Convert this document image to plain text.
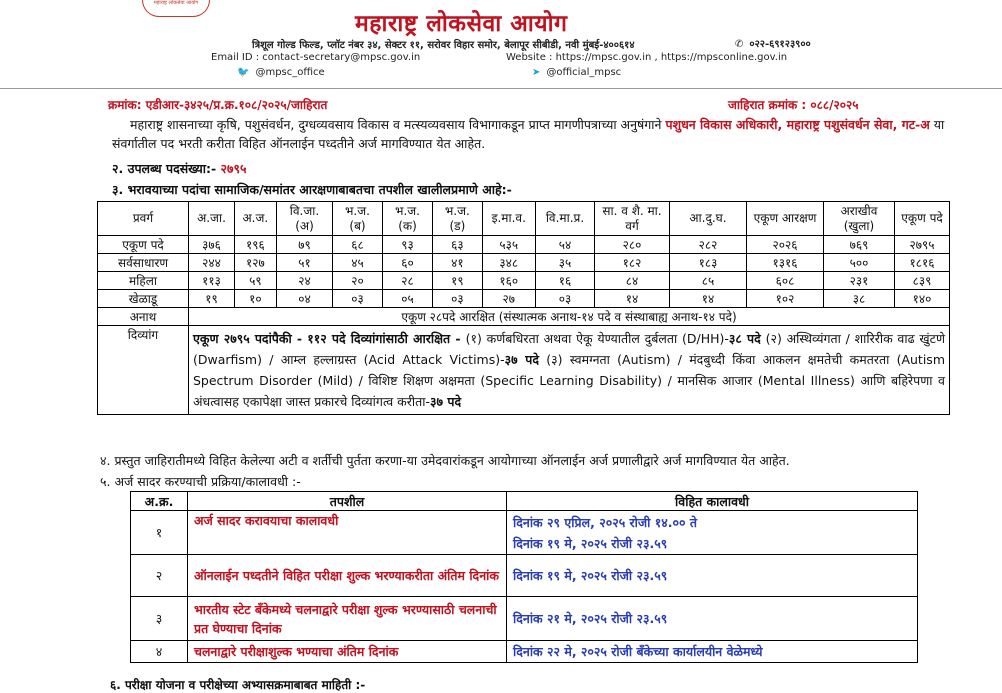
महाराष्ट्र लोकसेवा आयोग
महाराष्ट्र लोकसेवा आयोग
त्रिशूल गोल्ड फिल्ड, प्लॉट नंबर ३४, सेक्टर ११, सरोवर विहार समोर, बेलापूर सीबीडी, नवी मुंबई-४००६१४	✆ ०२२-६९१२३९००
Email ID : contact-secretary@mpsc.gov.in	Website : https://mpsc.gov.in , https://mpsconline.gov.in
🐦 @mpsc_office	➤ @official_mpsc
क्रमांक: एडीआर-३४२५/प्र.क्र.१०८/२०२५/जाहिरात	जाहिरात क्रमांक : ०८८/२०२५
महाराष्ट्र शासनाच्या कृषि, पशुसंवर्धन, दुग्धव्यवसाय विकास व मत्स्यव्यवसाय विभागाकडून प्राप्त मागणीपत्राच्या अनुषंगाने पशुधन विकास अधिकारी, महाराष्ट्र पशुसंवर्धन सेवा, गट-अ या संवर्गातील पद भरती करीता विहित ऑनलाईन पध्दतीने अर्ज मागविण्यात येत आहेत.
२. उपलब्ध पदसंख्या:- २७९५
३. भरावयाच्या पदांचा सामाजिक/समांतर आरक्षणाबाबतचा तपशील खालीलप्रमाणे आहे:-
प्रवर्ग	अ.जा.	अ.ज.	वि.जा. (अ)	भ.ज. (ब)	भ.ज. (क)	भ.ज. (ड)	इ.मा.व.	वि.मा.प्र.	सा. व शै. मा. वर्ग	आ.दु.घ.	एकूण आरक्षण	अराखीव (खुला)	एकूण पदे
एकूण पदे	३७६	१९६	७९	६८	९३	६३	५३५	५४	२८०	२८२	२०२६	७६९	२७९५
सर्वसाधारण	२४४	१२७	५१	४५	६०	४१	३४८	३५	१८२	१८३	१३१६	५००	१८१६
महिला	११३	५९	२४	२०	२८	१९	१६०	१६	८४	८५	६०८	२३१	८३९
खेळाडू	१९	१०	०४	०३	०५	०३	२७	०३	१४	१४	१०२	३८	१४०
अनाथ	एकूण २८पदे आरक्षित (संस्थात्मक अनाथ-१४ पदे व संस्थाबाह्य अनाथ-१४ पदे)												
दिव्यांग	एकूण २७९५ पदांपैकी - ११२ पदे दिव्यांगांसाठी आरक्षित - (१) कर्णबधिरता अथवा ऐकू येण्यातील दुर्बलता (D/HH)-३८ पदे (२) अस्थिव्यंगता / शारिरीक वाढ खुंटणे (Dwarfism) / आम्ल हल्लाग्रस्त (Acid Attack Victims)-३७ पदे (३) स्वमग्नता (Autism) / मंदबुध्दी किंवा आकलन क्षमतेची कमतरता (Autism Spectrum Disorder (Mild) / विशिष्ट शिक्षण अक्षमता (Specific Learning Disability) / मानसिक आजार (Mental Illness) आणि बहिरेपणा व अंधत्वासह एकापेक्षा जास्त प्रकारचे दिव्यांगत्व करीता-३७ पदे												
४. प्रस्तुत जाहिरातीमध्ये विहित केलेल्या अटी व शर्तीची पुर्तता करणा-या उमेदवारांकडून आयोगाच्या ऑनलाईन अर्ज प्रणालीद्वारे अर्ज मागविण्यात येत आहेत.
५. अर्ज सादर करण्याची प्रक्रिया/कालावधी :-
अ.क्र.	तपशील	विहित कालावधी
१	अर्ज सादर करावयाचा कालावधी	दिनांक २९ एप्रिल, २०२५ रोजी १४.०० ते
दिनांक १९ मे, २०२५ रोजी २३.५९

२	ऑनलाईन पध्दतीने विहित परीक्षा शुल्क भरण्याकरीता अंतिम दिनांक	दिनांक १९ मे, २०२५ रोजी २३.५९
३	भारतीय स्टेट बँकेमध्ये चलनाद्वारे परीक्षा शुल्क भरण्यासाठी चलनाची प्रत घेण्याचा दिनांक	दिनांक २१ मे, २०२५ रोजी २३.५९
४	चलनाद्वारे परीक्षाशुल्क भण्याचा अंतिम दिनांक	दिनांक २२ मे, २०२५ रोजी बँकेच्या कार्यालयीन वेळेमध्ये
६. परीक्षा योजना व परीक्षेच्या अभ्यासक्रमाबाबत माहिती :-
